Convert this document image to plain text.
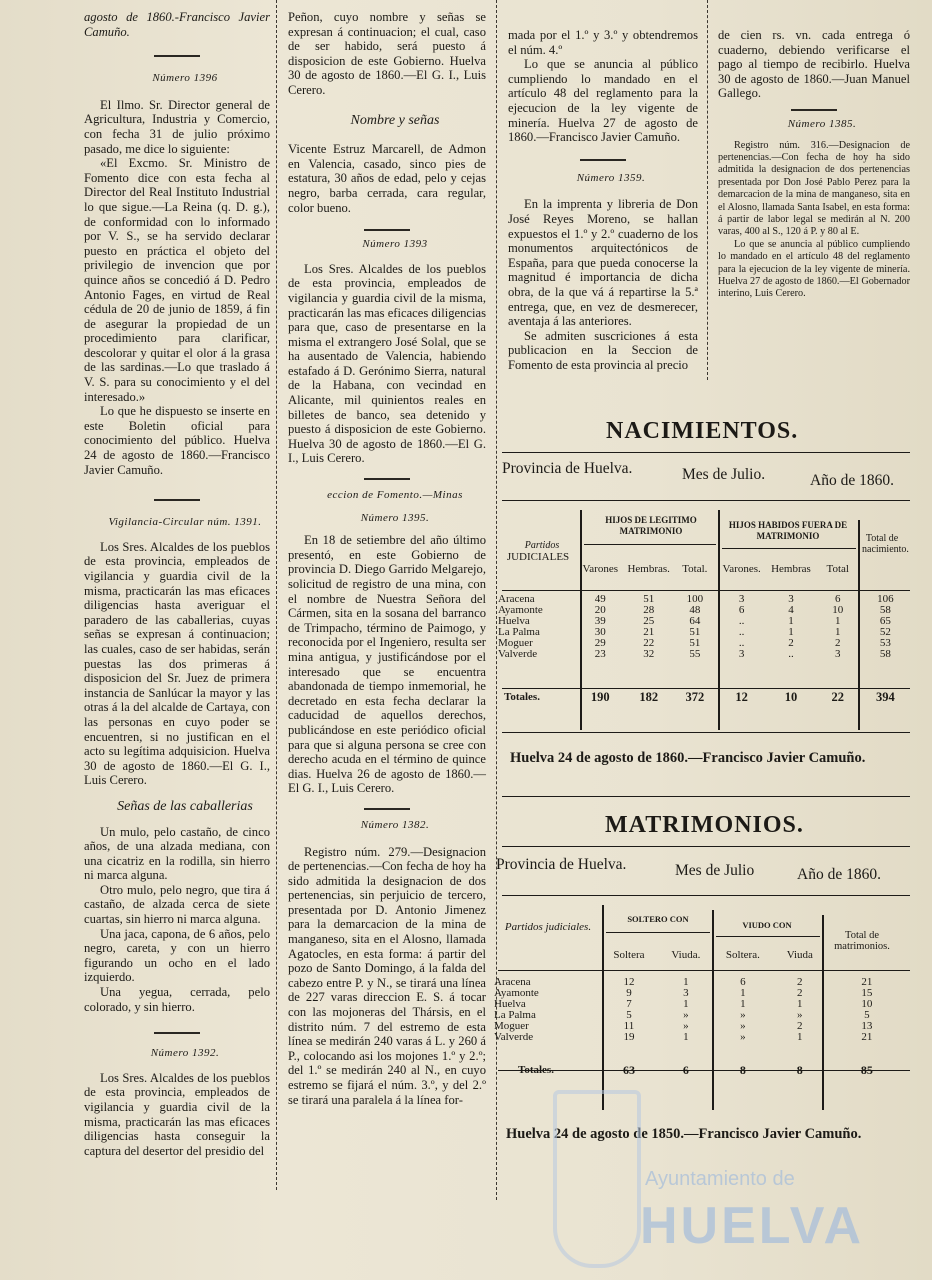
agosto de 1860.-Francisco Javier Camuño.

Número 1396

El Ilmo. Sr. Director general de Agricultura, Industria y Comercio, con fecha 31 de julio próximo pasado, me dice lo siguiente:

«El Excmo. Sr. Ministro de Fomento dice con esta fecha al Director del Real Instituto Industrial lo que sigue.—La Reina (q. D. g.), de conformidad con lo informado por V. S., se ha servido declarar puesto en práctica el objeto del privilegio de invencion que por quince años se concedió á D. Pedro Antonio Fages, en virtud de Real cédula de 20 de junio de 1859, á fin de asegurar la propiedad de un procedimiento para clarificar, descolorar y quitar el olor á la grasa de las sardinas.—Lo que traslado á V. S. para su conocimiento y el del interesado.»

Lo que he dispuesto se inserte en este Boletin oficial para conocimiento del público. Huelva 24 de agosto de 1860.—Francisco Javier Camuño.

Vigilancia-Circular núm. 1391.

Los Sres. Alcaldes de los pueblos de esta provincia, empleados de vigilancia y guardia civil de la misma, practicarán las mas eficaces diligencias hasta averiguar el paradero de las caballerias, cuyas señas se expresan á continuacion; las cuales, caso de ser habidas, serán puestas las dos primeras á disposicion del Sr. Juez de primera instancia de Sanlúcar la mayor y las otras á la del alcalde de Cartaya, con las personas en cuyo poder se encuentren, si no justifican en el acto su legítima adquisicion. Huelva 30 de agosto de 1860.—El G. I., Luis Cerero.

Señas de las caballerias

Un mulo, pelo castaño, de cinco años, de una alzada mediana, con una cicatriz en la rodilla, sin hierro ni marca alguna.

Otro mulo, pelo negro, que tira á castaño, de alzada cerca de siete cuartas, sin hierro ni marca alguna.

Una jaca, capona, de 6 años, pelo negro, careta, y con un hierro figurando un ocho en el lado izquierdo.

Una yegua, cerrada, pelo colorado, y sin hierro.

Número 1392.

Los Sres. Alcaldes de los pueblos de esta provincia, empleados de vigilancia y guardia civil de la misma, practicarán las mas eficaces diligencias hasta conseguir la captura del desertor del presidio del

Peñon, cuyo nombre y señas se expresan á continuacion; el cual, caso de ser habido, será puesto á disposicion de este Gobierno. Huelva 30 de agosto de 1860.—El G. I., Luis Cerero.

Nombre y señas

Vicente Estruz Marcarell, de Admon en Valencia, casado, sinco pies de estatura, 30 años de edad, pelo y cejas negro, barba cerrada, cara regular, color bueno.

Número 1393

Los Sres. Alcaldes de los pueblos de esta provincia, empleados de vigilancia y guardia civil de la misma, practicarán las mas eficaces diligencias para que, caso de presentarse en la misma el extrangero José Solal, que se ha ausentado de Valencia, habiendo estafado á D. Gerónimo Sierra, natural de la Habana, con vecindad en Alicante, mil quinientos reales en billetes de banco, sea detenido y puesto á disposicion de este Gobierno. Huelva 30 de agosto de 1860.—El G. I., Luis Cerero.

eccion de Fomento.—Minas

Número 1395.

En 18 de setiembre del año último presentó, en este Gobierno de provincia D. Diego Garrido Melgarejo, solicitud de registro de una mina, con el nombre de Nuestra Señora del Cármen, sita en la sosana del barranco de Trimpacho, término de Paimogo, y reconocida por el Ingeniero, resulta ser mina antigua, y justificándose por el interesado que se encuentra abandonada de tiempo inmemorial, he decretado en esta fecha declarar la caducidad de aquellos derechos, publicándose en este periódico oficial para que si alguna persona se cree con derecho acuda en el término de quince dias. Huelva 26 de agosto de 1860.—El G. I., Luis Cerero.

Número 1382.

Registro núm. 279.—Designacion de pertenencias.—Con fecha de hoy ha sido admitida la designacion de dos pertenencias, sin perjuicio de tercero, presentada por D. Antonio Jimenez para la demarcacion de la mina de manganeso, sita en el Alosno, llamada Agatocles, en esta forma: á partir del pozo de Santo Domingo, á la falda del cabezo entre P. y N., se tirará una línea de 227 varas direccion E. S. á tocar con las mojoneras del Thársis, en el distrito núm. 7 del estremo de esta línea se medirán 240 varas á L. y 260 á P., colocando asi los mojones 1.º y 2.º; del 1.º se medirán 240 al N., en cuyo estremo se fijará el núm. 3.º, y del 2.º se tirará una paralela á la línea for-

mada por el 1.º y 3.º y obtendremos el núm. 4.º

Lo que se anuncia al público cumpliendo lo mandado en el artículo 48 del reglamento para la ejecucion de la ley vigente de minería. Huelva 27 de agosto de 1860.—Francisco Javier Camuño.

Número 1359.

En la imprenta y libreria de Don José Reyes Moreno, se hallan expuestos el 1.º y 2.º cuaderno de los monumentos arquitectónicos de España, para que pueda conocerse la magnitud é importancia de dicha obra, de la que vá á repartirse la 5.ª entrega, que, en vez de desmerecer, aventaja á las anteriores.

Se admiten suscriciones á esta publicacion en la Seccion de Fomento de esta provincia al precio

de cien rs. vn. cada entrega ó cuaderno, debiendo verificarse el pago al tiempo de recibirlo. Huelva 30 de agosto de 1860.—Juan Manuel Gallego.

Número 1385.

Registro núm. 316.—Designacion de pertenencias.—Con fecha de hoy ha sido admitida la designacion de dos pertenencias presentada por Don José Pablo Perez para la demarcacion de la mina de manganeso, sita en el Alosno, llamada Santa Isabel, en esta forma: á partir de labor legal se medirán al N. 200 varas, 400 al S., 120 á P. y 80 al E.

Lo que se anuncia al público cumpliendo lo mandado en el artículo 48 del reglamento para la ejecucion de la ley vigente de minería. Huelva 27 de agosto de 1860.—El Gobernador interino, Luis Cerero.

NACIMIENTOS.
Provincia de Huelva.	Mes de Julio.	Año de 1860.
Partidos
JUDICIALES
HIJOS DE LEGITIMO MATRIMONIO
HIJOS HABIDOS FUERA DE MATRIMONIO	Total de nacimiento.
	Varones	Hembras.	Total.	Varones.	Hembras	Total	

Aracena	49	51	100	3	3	6	106
Ayamonte	20	28	48	6	4	10	58
Huelva	39	25	64	..	1	1	65
La Palma	30	21	51	..	1	1	52
Moguer	29	22	51	..	2	2	53
Valverde	23	32	55	3	..	3	58

Totales.	190	182	372	12	10	22	394
Huelva 24 de agosto de 1860.—Francisco Javier Camuño.
MATRIMONIOS.
Provincia de Huelva.	Mes de Julio	Año de 1860.
Partidos judiciales.
SOLTERO CON
VIUDO CON
Total de matrimonios.
	Soltera	Viuda.	Soltera.	Viuda	

Aracena	12	1	6	2	21
Ayamonte	9	3	1	2	15
Huelva	7	1	1	1	10
La Palma	5	»	»	»	5
Moguer	11	»	»	2	13
Valverde	19	1	»	1	21

Totales.	63	6	8	8	85
Huelva 24 de agosto de 1850.—Francisco Javier Camuño.
Ayuntamiento de
HUELVA
